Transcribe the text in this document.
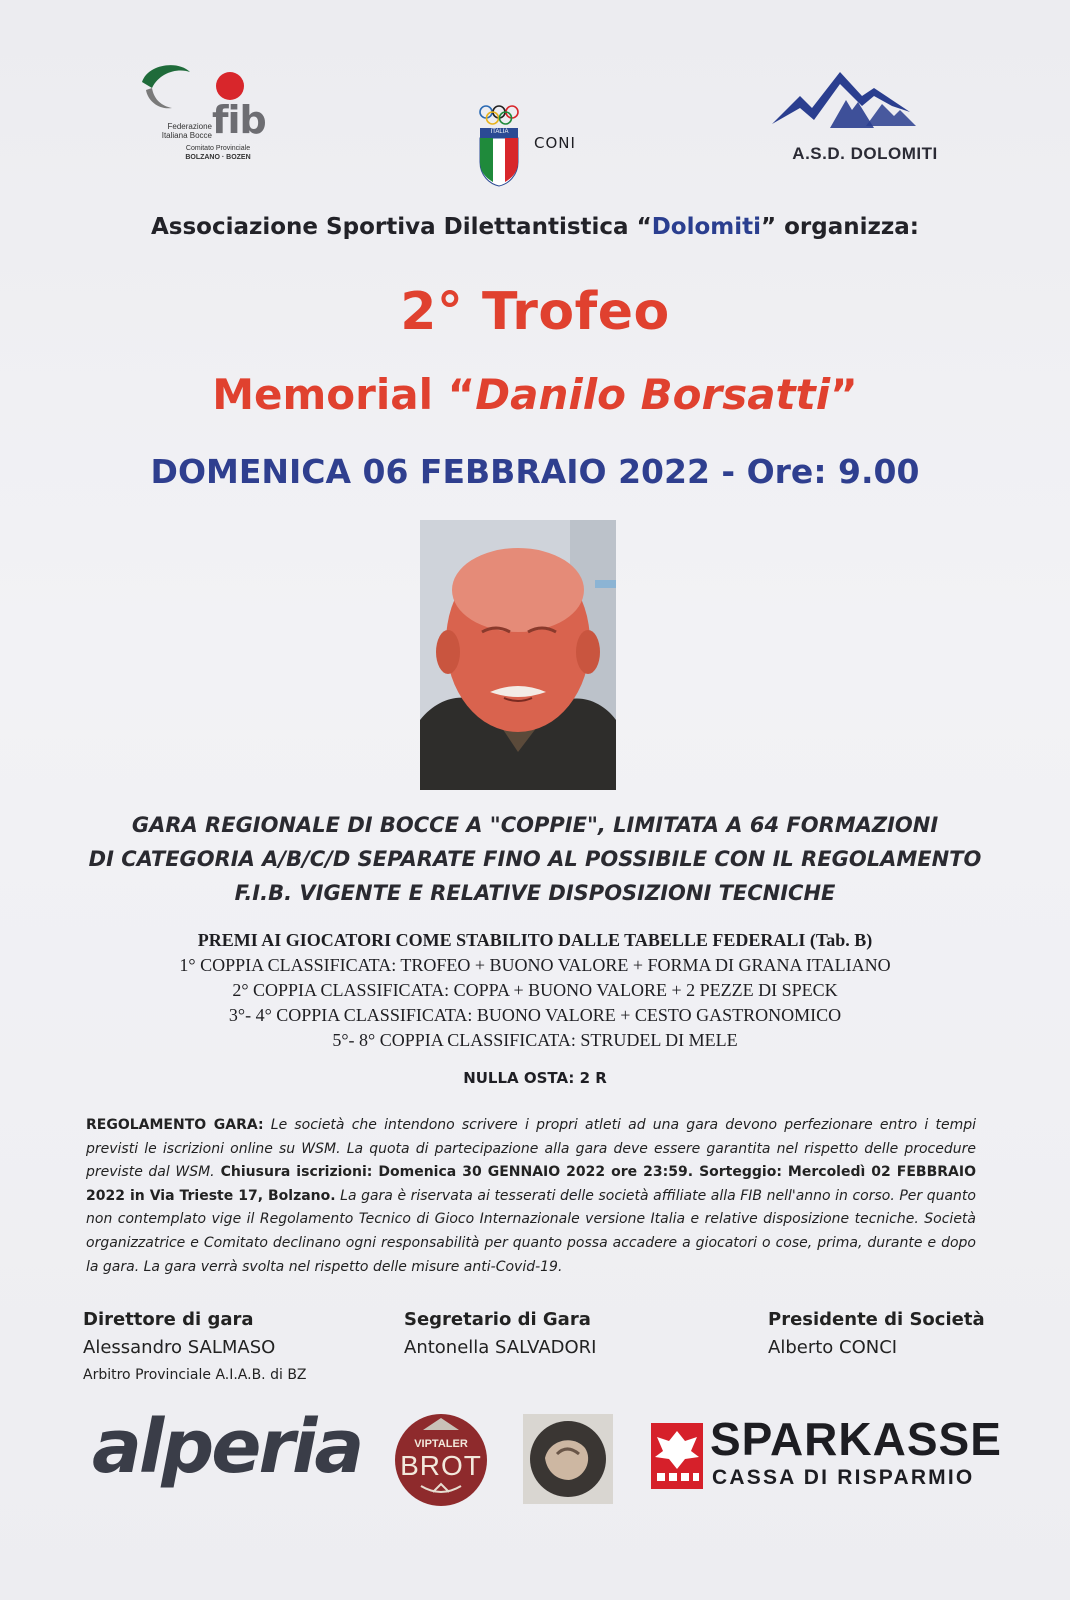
Federazione
Italiana Bocce fib
Comitato Provinciale
BOLZANO · BOZEN
ITALIA
CONI
A.S.D. DOLOMITI
Associazione Sportiva Dilettantistica “Dolomiti” organizza:
2° Trofeo
Memorial “Danilo Borsatti”
DOMENICA 06 FEBBRAIO 2022 - Ore: 9.00
GARA REGIONALE DI BOCCE A "COPPIE", LIMITATA A 64 FORMAZIONI
DI CATEGORIA A/B/C/D SEPARATE FINO AL POSSIBILE CON IL REGOLAMENTO
F.I.B. VIGENTE E RELATIVE DISPOSIZIONI TECNICHE
PREMI AI GIOCATORI COME STABILITO DALLE TABELLE FEDERALI (Tab. B)
1° COPPIA CLASSIFICATA: TROFEO + BUONO VALORE + FORMA DI GRANA ITALIANO
2° COPPIA CLASSIFICATA: COPPA + BUONO VALORE + 2 PEZZE DI SPECK
3°- 4° COPPIA CLASSIFICATA: BUONO VALORE + CESTO GASTRONOMICO
5°- 8° COPPIA CLASSIFICATA: STRUDEL DI MELE
NULLA OSTA: 2 R
REGOLAMENTO GARA: Le società che intendono scrivere i propri atleti ad una gara devono perfezionare entro i tempi previsti le iscrizioni online su WSM. La quota di partecipazione alla gara deve essere garantita nel rispetto delle procedure previste dal WSM. Chiusura iscrizioni: Domenica 30 GENNAIO 2022 ore 23:59. Sorteggio: Mercoledì 02 FEBBRAIO 2022 in Via Trieste 17, Bolzano. La gara è riservata ai tesserati delle società affiliate alla FIB nell'anno in corso. Per quanto non contemplato vige il Regolamento Tecnico di Gioco Internazionale versione Italia e relative disposizione tecniche. Società organizzatrice e Comitato declinano ogni responsabilità per quanto possa accadere a giocatori o cose, prima, durante e dopo la gara. La gara verrà svolta nel rispetto delle misure anti-Covid-19.
Direttore di gara
Alessandro SALMASO
Arbitro Provinciale A.I.A.B. di BZ
Segretario di Gara
Antonella SALVADORI
Presidente di Società
Alberto CONCI
alperia	VIPTALER
BROT
SPARKASSE
CASSA DI RISPARMIO
